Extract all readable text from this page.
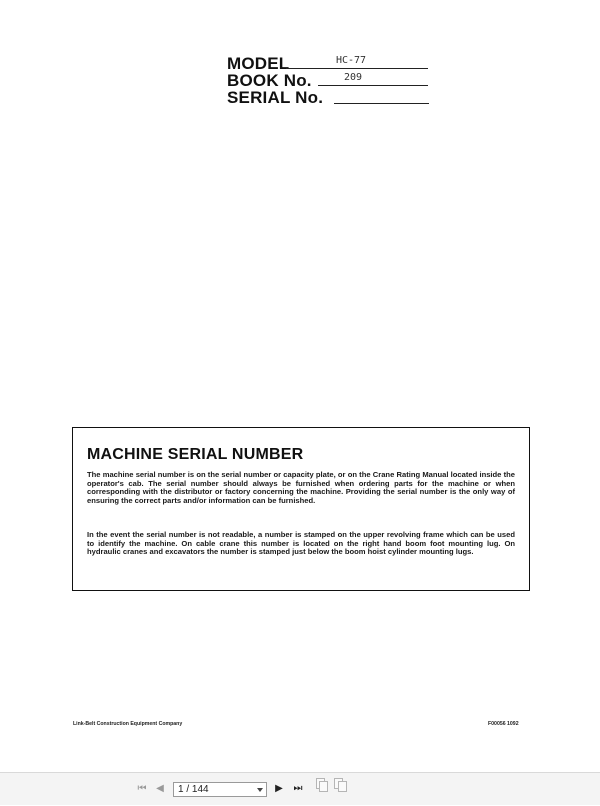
MODEL	HC-77
BOOK No.	209
SERIAL No.
MACHINE SERIAL NUMBER
The machine serial number is on the serial number or capacity plate, or on the Crane Rating Manual located inside the operator's cab. The serial number should always be furnished when ordering parts for the machine or when corresponding with the distributor or factory concerning the machine. Providing the serial number is the only way of ensuring the correct parts and/or information can be furnished.
In the event the serial number is not readable, a number is stamped on the upper revolving frame which can be used to identify the machine. On cable crane this number is located on the right hand boom foot mounting lug. On hydraulic cranes and excavators the number is stamped just below the boom hoist cylinder mounting lugs.
Link-Belt Construction Equipment Company	F00056 1092
⏮ ◀ 1 / 144	▶ ⏭
